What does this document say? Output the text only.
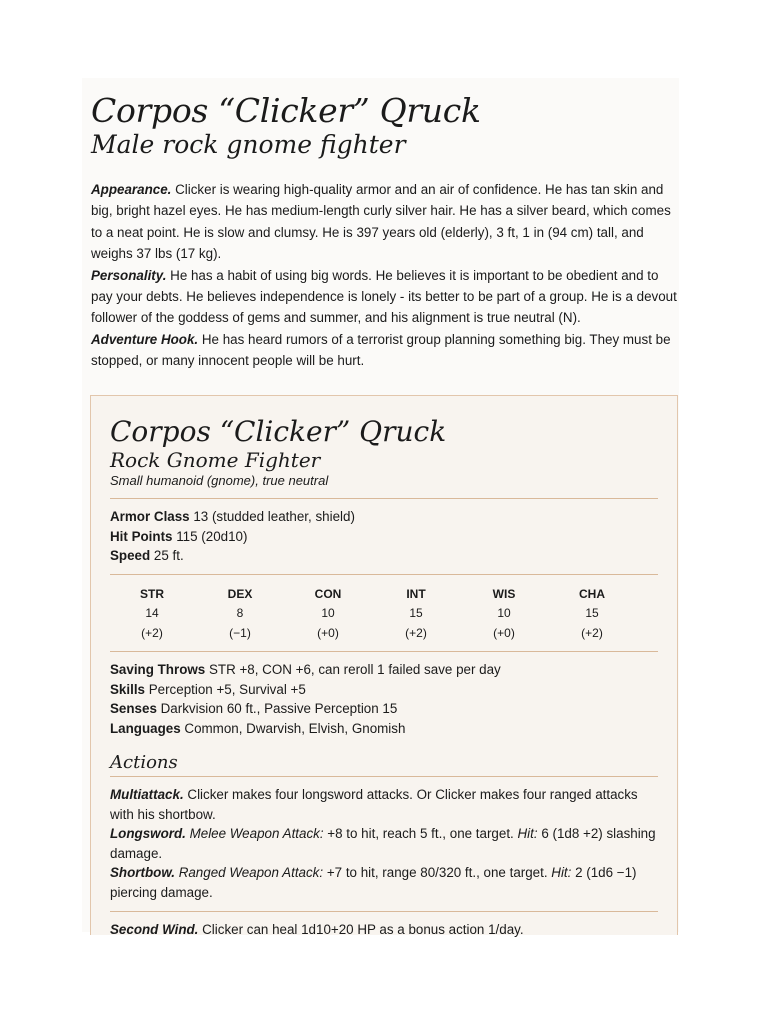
Corpos “Clicker” Qruck
Male rock gnome fighter

Appearance. Clicker is wearing high-quality armor and an air of confidence. He has tan skin and big, bright hazel eyes. He has medium-length curly silver hair. He has a silver beard, which comes to a neat point. He is slow and clumsy. He is 397 years old (elderly), 3 ft, 1 in (94 cm) tall, and weighs 37 lbs (17 kg).

Personality. He has a habit of using big words. He believes it is important to be obedient and to pay your debts. He believes independence is lonely - its better to be part of a group. He is a devout follower of the goddess of gems and summer, and his alignment is true neutral (N).

Adventure Hook. He has heard rumors of a terrorist group planning something big. They must be stopped, or many innocent people will be hurt.

Corpos “Clicker” Qruck
Rock Gnome Fighter

Small humanoid (gnome), true neutral

Armor Class 13 (studded leather, shield)

Hit Points 115 (20d10)

Speed 25 ft.

STR	DEX	CON	INT	WIS	CHA
14	8	10	15	10	15
(+2)	(−1)	(+0)	(+2)	(+0)	(+2)

Saving Throws STR +8, CON +6, can reroll 1 failed save per day

Skills Perception +5, Survival +5

Senses Darkvision 60 ft., Passive Perception 15

Languages Common, Dwarvish, Elvish, Gnomish

Actions

Multiattack. Clicker makes four longsword attacks. Or Clicker makes four ranged attacks with his shortbow.

Longsword. Melee Weapon Attack: +8 to hit, reach 5 ft., one target. Hit: 6 (1d8 +2) slashing damage.

Shortbow. Ranged Weapon Attack: +7 to hit, range 80/320 ft., one target. Hit: 2 (1d6 −1) piercing damage.

Second Wind. Clicker can heal 1d10+20 HP as a bonus action 1/day.
